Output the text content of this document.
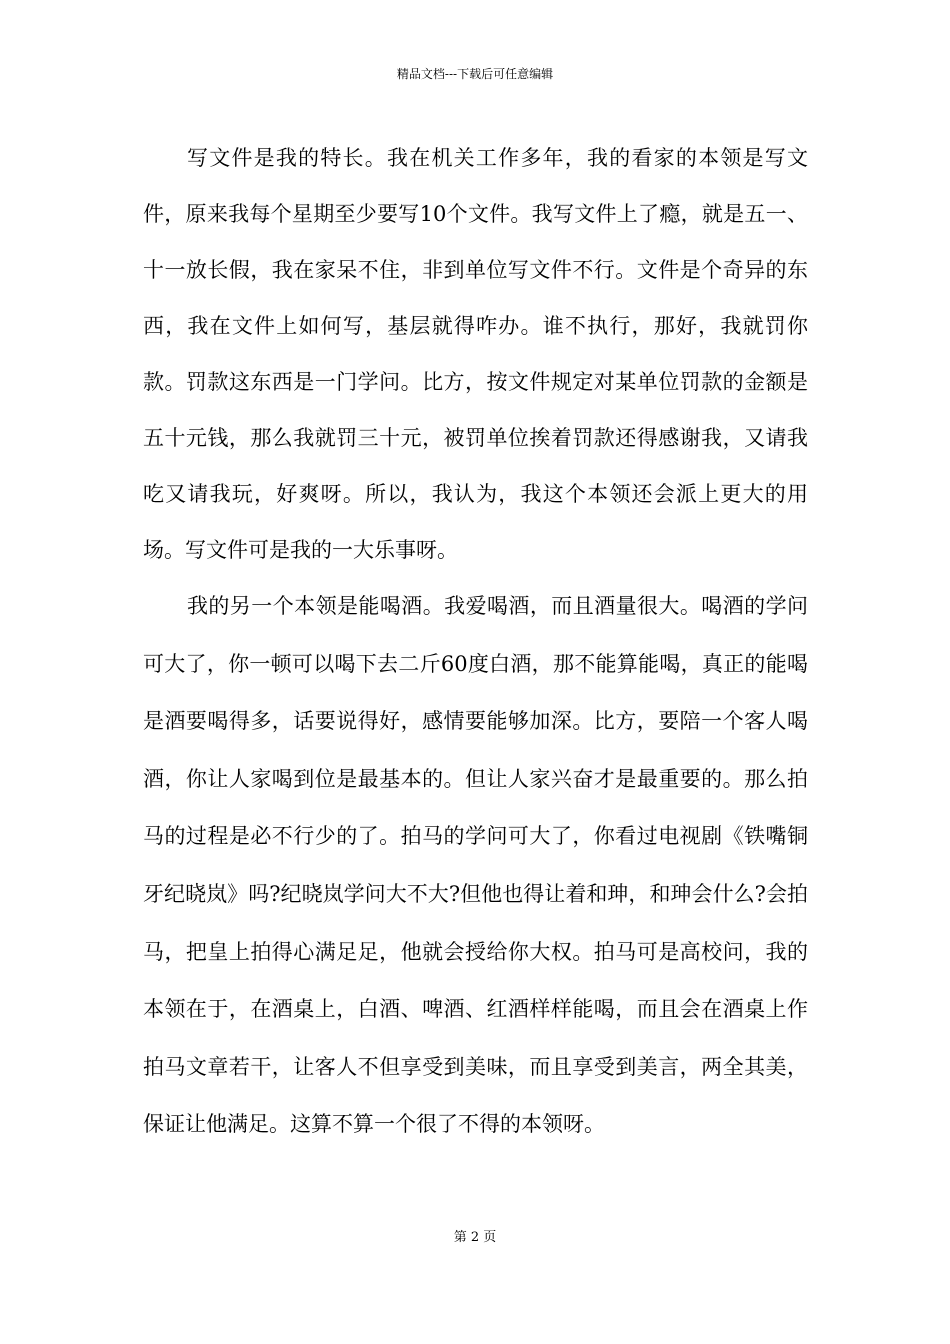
精品文档---下载后可任意编辑

写文件是我的特长。我在机关工作多年，我的看家的本领是写文件，原来我每个星期至少要写10个文件。我写文件上了瘾，就是五一、十一放长假，我在家呆不住，非到单位写文件不行。文件是个奇异的东西，我在文件上如何写，基层就得咋办。谁不执行，那好，我就罚你款。罚款这东西是一门学问。比方，按文件规定对某单位罚款的金额是五十元钱，那么我就罚三十元，被罚单位挨着罚款还得感谢我，又请我吃又请我玩，好爽呀。所以，我认为，我这个本领还会派上更大的用场。写文件可是我的一大乐事呀。

我的另一个本领是能喝酒。我爱喝酒，而且酒量很大。喝酒的学问可大了，你一顿可以喝下去二斤60度白酒，那不能算能喝，真正的能喝是酒要喝得多，话要说得好，感情要能够加深。比方，要陪一个客人喝酒，你让人家喝到位是最基本的。但让人家兴奋才是最重要的。那么拍马的过程是必不行少的了。拍马的学问可大了，你看过电视剧《铁嘴铜牙纪晓岚》吗?纪晓岚学问大不大?但他也得让着和珅，和珅会什么?会拍马，把皇上拍得心满足足，他就会授给你大权。拍马可是高校问，我的本领在于，在酒桌上，白酒、啤酒、红酒样样能喝，而且会在酒桌上作拍马文章若干，让客人不但享受到美味，而且享受到美言，两全其美，保证让他满足。这算不算一个很了不得的本领呀。

第 2 页
